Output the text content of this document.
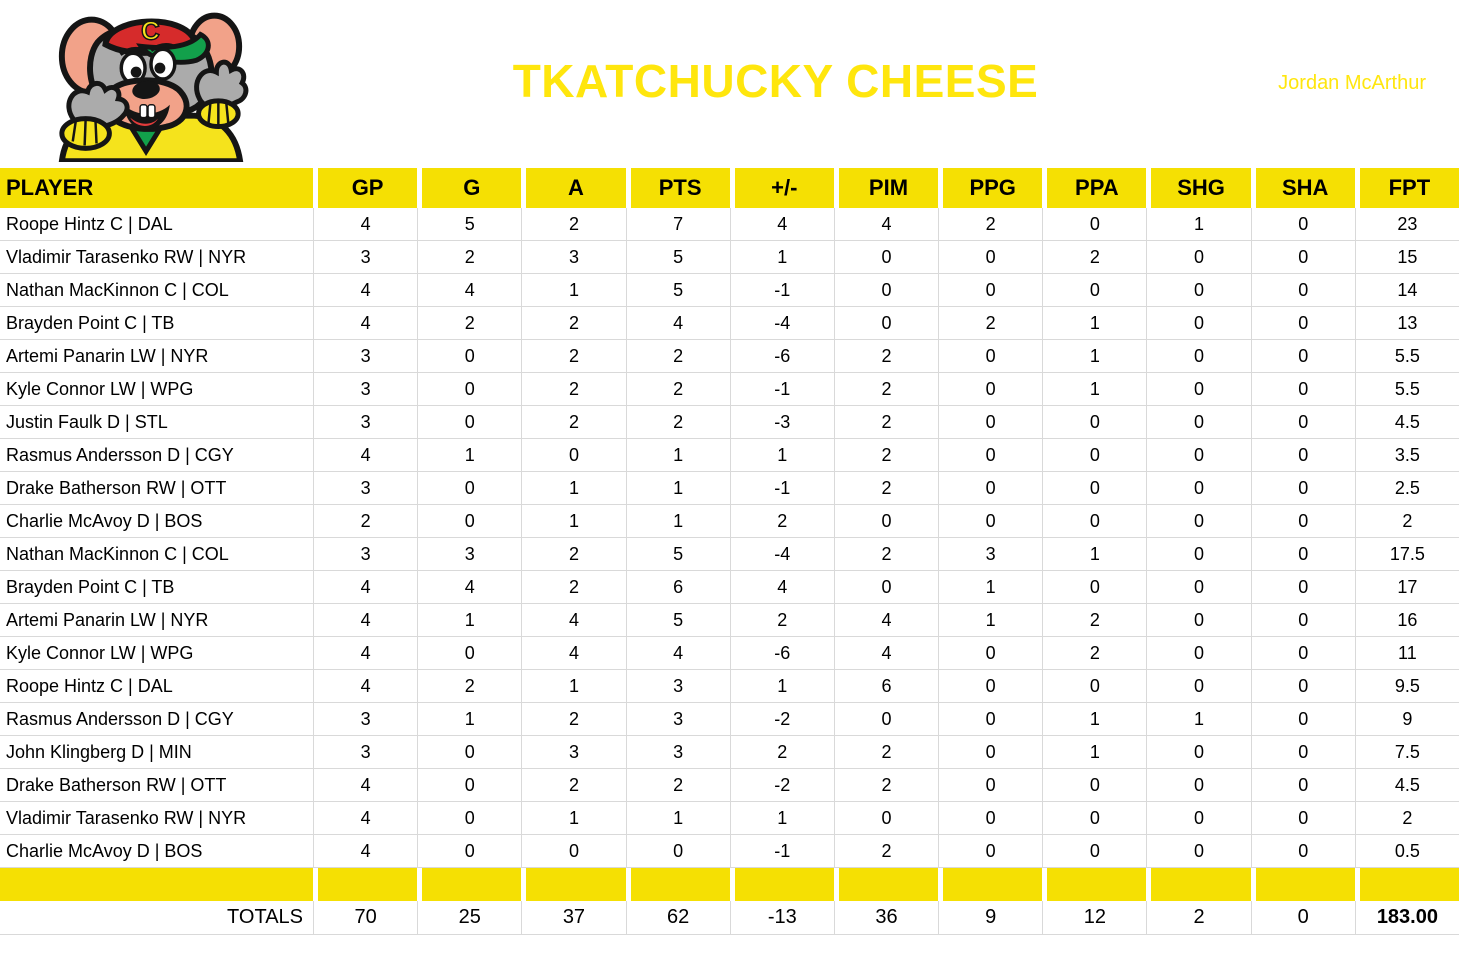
C
TKATCHUCKY CHEESE	Jordan McArthur
PLAYER	GP	G	A	PTS	+/-	PIM	PPG	PPA	SHG	SHA	FPT
Roope Hintz C | DAL	4	5	2	7	4	4	2	0	1	0	23
Vladimir Tarasenko RW | NYR	3	2	3	5	1	0	0	2	0	0	15
Nathan MacKinnon C | COL	4	4	1	5	-1	0	0	0	0	0	14
Brayden Point C | TB	4	2	2	4	-4	0	2	1	0	0	13
Artemi Panarin LW | NYR	3	0	2	2	-6	2	0	1	0	0	5.5
Kyle Connor LW | WPG	3	0	2	2	-1	2	0	1	0	0	5.5
Justin Faulk D | STL	3	0	2	2	-3	2	0	0	0	0	4.5
Rasmus Andersson D | CGY	4	1	0	1	1	2	0	0	0	0	3.5
Drake Batherson RW | OTT	3	0	1	1	-1	2	0	0	0	0	2.5
Charlie McAvoy D | BOS	2	0	1	1	2	0	0	0	0	0	2
Nathan MacKinnon C | COL	3	3	2	5	-4	2	3	1	0	0	17.5
Brayden Point C | TB	4	4	2	6	4	0	1	0	0	0	17
Artemi Panarin LW | NYR	4	1	4	5	2	4	1	2	0	0	16
Kyle Connor LW | WPG	4	0	4	4	-6	4	0	2	0	0	11
Roope Hintz C | DAL	4	2	1	3	1	6	0	0	0	0	9.5
Rasmus Andersson D | CGY	3	1	2	3	-2	0	0	1	1	0	9
John Klingberg D | MIN	3	0	3	3	2	2	0	1	0	0	7.5
Drake Batherson RW | OTT	4	0	2	2	-2	2	0	0	0	0	4.5
Vladimir Tarasenko RW | NYR	4	0	1	1	1	0	0	0	0	0	2
Charlie McAvoy D | BOS	4	0	0	0	-1	2	0	0	0	0	0.5
TOTALS	70	25	37	62	-13	36	9	12	2	0	183.00
